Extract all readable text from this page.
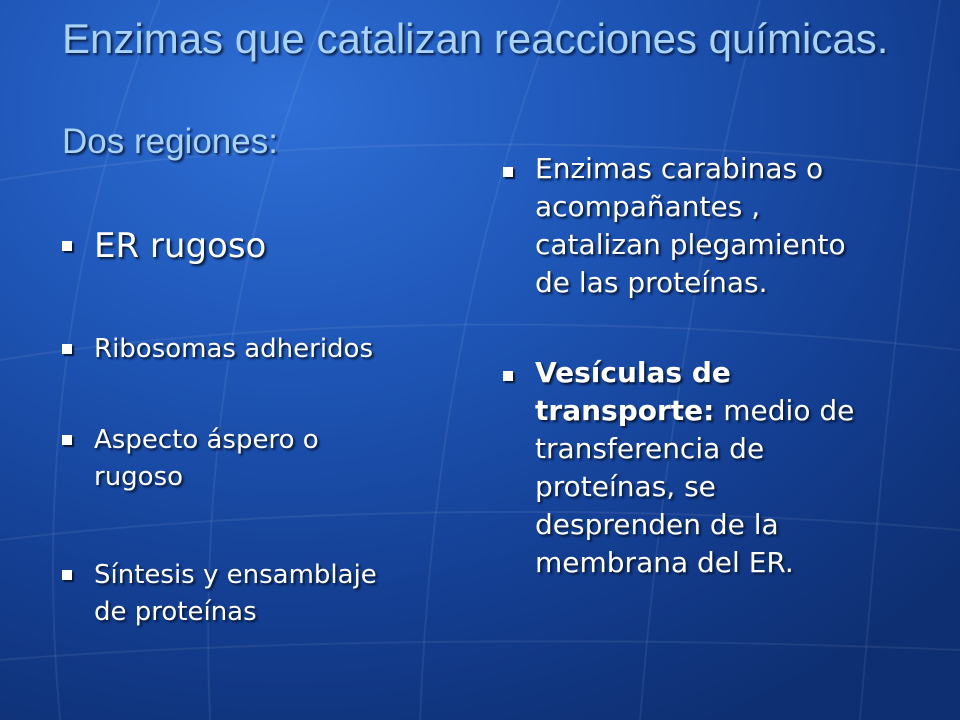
Enzimas que catalizan reacciones químicas.
Dos regiones:
ER rugoso
Ribosomas adheridos
Aspecto áspero o
rugoso
Síntesis y ensamblaje
de proteínas
Enzimas carabinas o
acompañantes ,
catalizan plegamiento
de las proteínas.
Vesículas de
transporte: medio de
transferencia de
proteínas, se
desprenden de la
membrana del ER.
